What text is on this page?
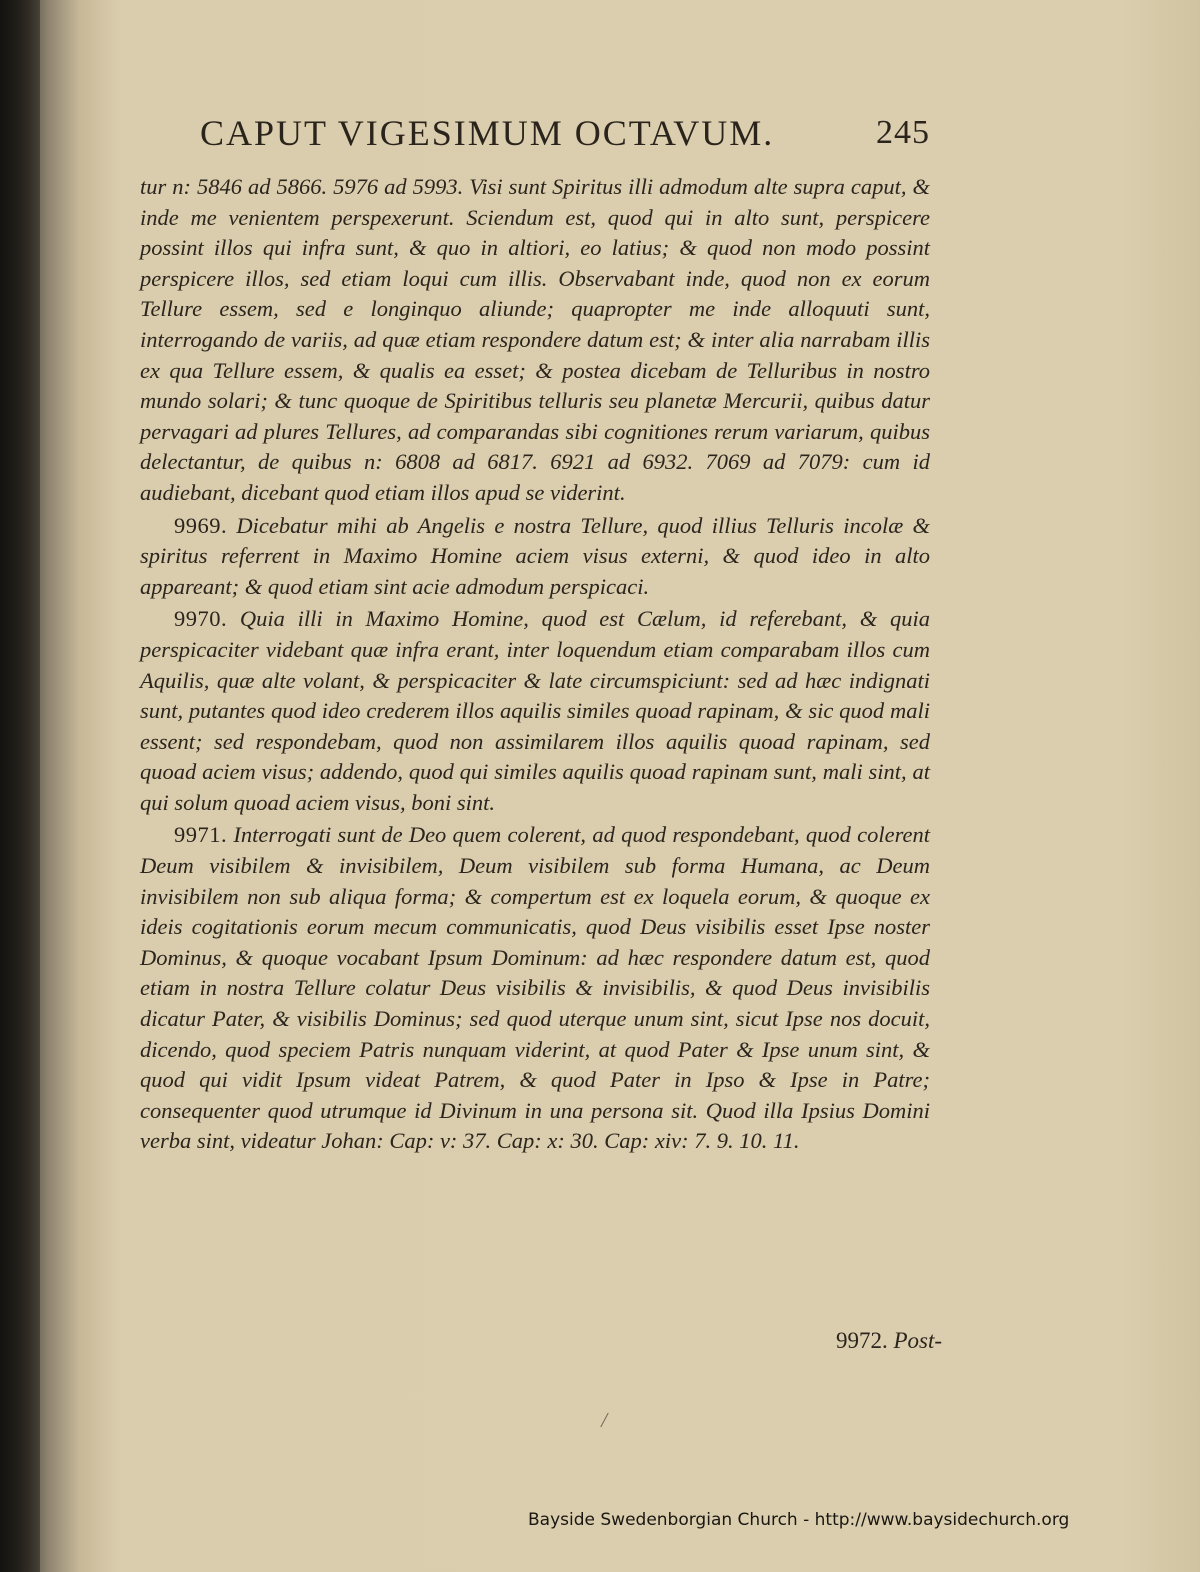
CAPUT VIGESIMUM OCTAVUM.	245

tur n: 5846 ad 5866. 5976 ad 5993. Visi sunt Spiritus illi admodum alte supra caput, & inde me venientem perspexerunt. Sciendum est, quod qui in alto sunt, perspicere possint illos qui infra sunt, & quo in altiori, eo latius; & quod non modo possint perspicere illos, sed etiam loqui cum illis. Observabant inde, quod non ex eorum Tellure essem, sed e longinquo aliunde; quapropter me inde alloquuti sunt, interrogando de variis, ad quæ etiam respondere datum est; & inter alia narrabam illis ex qua Tellure essem, & qualis ea esset; & postea dicebam de Telluribus in nostro mundo solari; & tunc quoque de Spiritibus telluris seu planetæ Mercurii, quibus datur pervagari ad plures Tellures, ad comparandas sibi cognitiones rerum variarum, quibus delectantur, de quibus n: 6808 ad 6817. 6921 ad 6932. 7069 ad 7079: cum id audiebant, dicebant quod etiam illos apud se viderint.

9969. Dicebatur mihi ab Angelis e nostra Tellure, quod illius Telluris incolæ & spiritus referrent in Maximo Homine aciem visus externi, & quod ideo in alto appareant; & quod etiam sint acie admodum perspicaci.

9970. Quia illi in Maximo Homine, quod est Cælum, id referebant, & quia perspicaciter videbant quæ infra erant, inter loquendum etiam comparabam illos cum Aquilis, quæ alte volant, & perspicaciter & late circumspiciunt: sed ad hæc indignati sunt, putantes quod ideo crederem illos aquilis similes quoad rapinam, & sic quod mali essent; sed respondebam, quod non assimilarem illos aquilis quoad rapinam, sed quoad aciem visus; addendo, quod qui similes aquilis quoad rapinam sunt, mali sint, at qui solum quoad aciem visus, boni sint.

9971. Interrogati sunt de Deo quem colerent, ad quod respondebant, quod colerent Deum visibilem & invisibilem, Deum visibilem sub forma Humana, ac Deum invisibilem non sub aliqua forma; & compertum est ex loquela eorum, & quoque ex ideis cogitationis eorum mecum communicatis, quod Deus visibilis esset Ipse noster Dominus, & quoque vocabant Ipsum Dominum: ad hæc respondere datum est, quod etiam in nostra Tellure colatur Deus visibilis & invisibilis, & quod Deus invisibilis dicatur Pater, & visibilis Dominus; sed quod uterque unum sint, sicut Ipse nos docuit, dicendo, quod speciem Patris nunquam viderint, at quod Pater & Ipse unum sint, & quod qui vidit Ipsum videat Patrem, & quod Pater in Ipso & Ipse in Patre; consequenter quod utrumque id Divinum in una persona sit. Quod illa Ipsius Domini verba sint, videatur Johan: Cap: v: 37. Cap: x: 30. Cap: xiv: 7. 9. 10. 11.

9972. Post-
Bayside Swedenborgian Church - http://www.baysidechurch.org
